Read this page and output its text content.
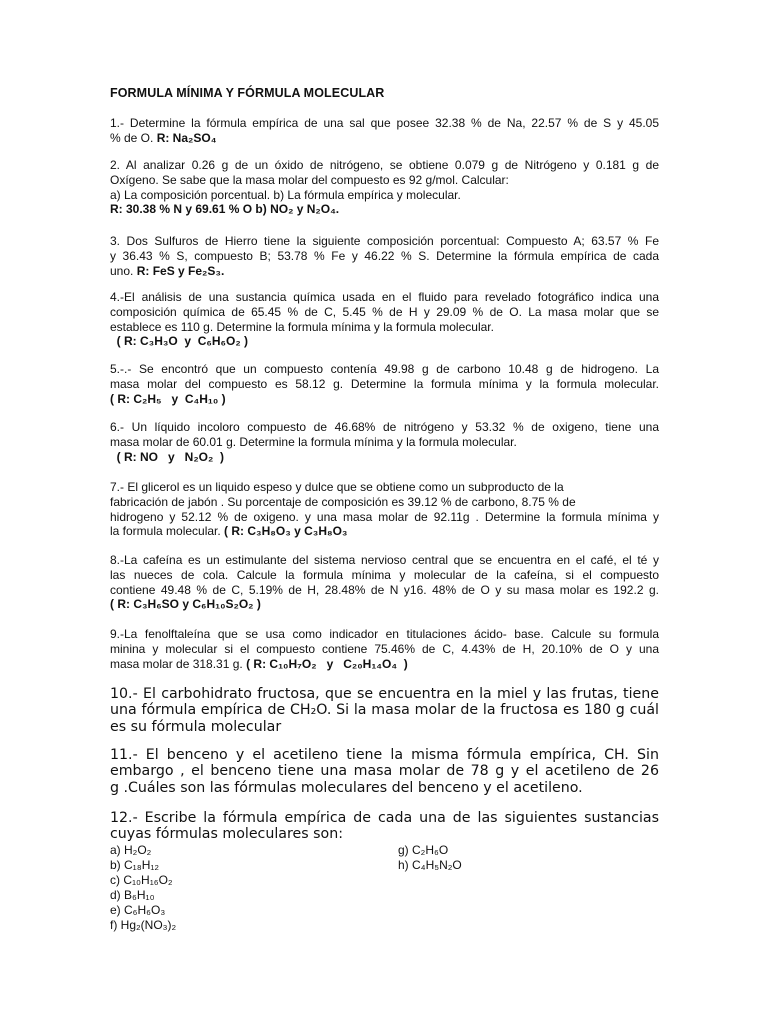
FORMULA MÍNIMA Y FÓRMULA MOLECULAR
1.- Determine la fórmula empírica de una sal que posee 32.38 % de Na, 22.57 % de S y 45.05
% de O. R: Na₂SO₄
2. Al analizar 0.26 g de un óxido de nitrógeno, se obtiene 0.079 g de Nitrógeno y 0.181 g de
Oxígeno. Se sabe que la masa molar del compuesto es 92 g/mol. Calcular:
a) La composición porcentual. b) La fórmula empírica y molecular.
R: 30.38 % N y 69.61 % O b) NO₂ y N₂O₄.
3. Dos Sulfuros de Hierro tiene la siguiente composición porcentual: Compuesto A; 63.57 % Fe
y 36.43 % S, compuesto B; 53.78 % Fe y 46.22 % S. Determine la fórmula empírica de cada
uno. R: FeS y Fe₂S₃.
4.-El análisis de una sustancia química usada en el fluido para revelado fotográfico indica una
composición química de 65.45 % de C, 5.45 % de H y 29.09 % de O. La masa molar que se
establece es 110 g. Determine la formula mínima y la formula molecular.
( R: C₃H₃O  y  C₆H₆O₂ )
5.-.- Se encontró que un compuesto contenía 49.98 g de carbono 10.48 g de hidrogeno. La
masa molar del compuesto es 58.12 g. Determine la formula mínima y la formula molecular.
( R: C₂H₅   y  C₄H₁₀ )
6.- Un líquido incoloro compuesto de 46.68% de nitrógeno y 53.32 % de oxigeno, tiene una
masa molar de 60.01 g. Determine la formula mínima y la formula molecular.
( R: NO   y   N₂O₂  )
7.- El glicerol es un liquido espeso y dulce que se obtiene como un subproducto de la
fabricación de jabón . Su porcentaje de composición es 39.12 % de carbono, 8.75 % de
hidrogeno y 52.12 % de oxigeno. y una masa molar de 92.11g . Determine la formula mínima y
la formula molecular. ( R: C₃H₈O₃ y C₃H₈O₃
8.-La cafeína es un estimulante del sistema nervioso central que se encuentra en el café, el té y
las nueces de cola. Calcule la formula mínima y molecular de la cafeína, si el compuesto
contiene 49.48 % de C, 5.19% de H, 28.48% de N y16. 48% de O y su masa molar es 192.2 g.
( R: C₃H₆SO y C₆H₁₀S₂O₂ )
9.-La fenolftaleína que se usa como indicador en titulaciones ácido- base. Calcule su formula
minina y molecular si el compuesto contiene 75.46% de C, 4.43% de H, 20.10% de O y una
masa molar de 318.31 g. ( R: C₁₀H₇O₂   y   C₂₀H₁₄O₄  )
10.- El carbohidrato fructosa, que se encuentra en la miel y las frutas, tiene
una fórmula empírica de CH₂O. Si la masa molar de la fructosa es 180 g cuál
es su fórmula molecular
11.- El benceno y el acetileno tiene la misma fórmula empírica, CH. Sin
embargo , el benceno tiene una masa molar de 78 g y el acetileno de 26
g .Cuáles son las fórmulas moleculares del benceno y el acetileno.
12.- Escribe la fórmula empírica de cada una de las siguientes sustancias
cuyas fórmulas moleculares son:
a) H₂O₂
b) C₁₈H₁₂
c) C₁₀H₁₆O₂
d) B₆H₁₀
e) C₆H₆O₃
f) Hg₂(NO₃)₂
g) C₂H₆O
h) C₄H₅N₂O
